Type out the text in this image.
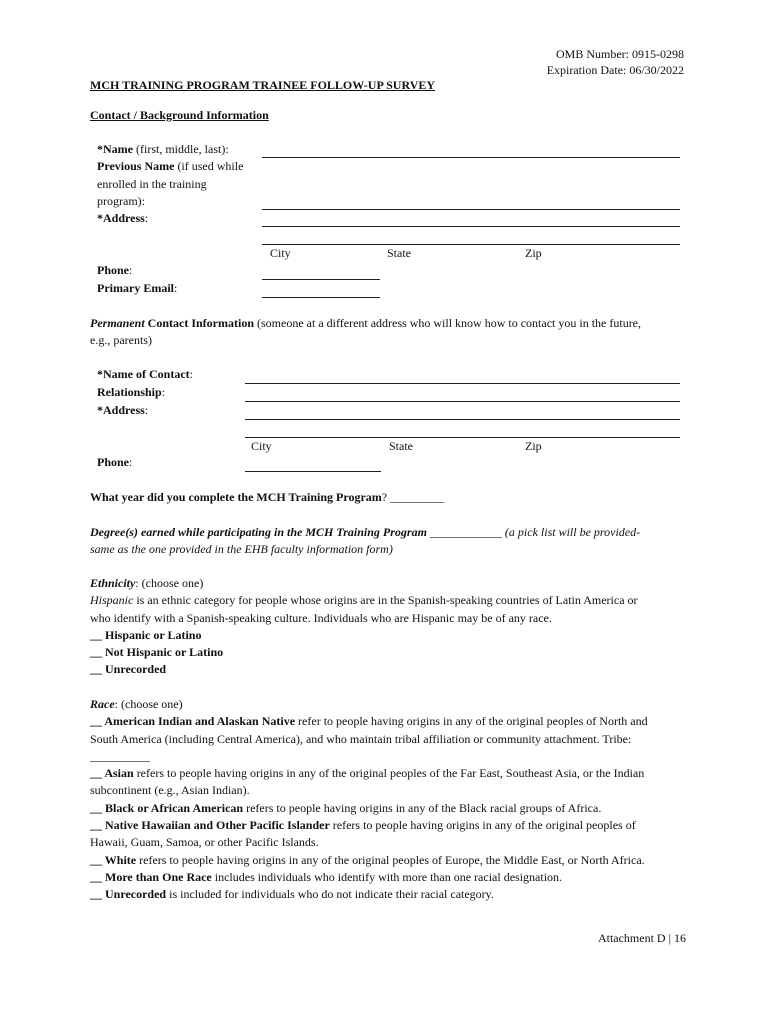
OMB Number: 0915-0298
Expiration Date: 06/30/2022
MCH TRAINING PROGRAM TRAINEE FOLLOW-UP SURVEY
Contact / Background Information
*Name (first, middle, last):
Previous Name (if used while
enrolled in the training
program):
*Address:
City	State	Zip
Phone:
Primary Email:
Permanent Contact Information (someone at a different address who will know how to contact you in the future,
e.g., parents)
*Name of Contact:
Relationship:
*Address:
City	State	Zip
Phone:
What year did you complete the MCH Training Program? _________
Degree(s) earned while participating in the MCH Training Program ____________ (a pick list will be provided-
same as the one provided in the EHB faculty information form)
Ethnicity: (choose one)
Hispanic is an ethnic category for people whose origins are in the Spanish-speaking countries of Latin America or
who identify with a Spanish-speaking culture. Individuals who are Hispanic may be of any race.
__ Hispanic or Latino
__ Not Hispanic or Latino
__ Unrecorded
Race: (choose one)
__ American Indian and Alaskan Native refer to people having origins in any of the original peoples of North and
South America (including Central America), and who maintain tribal affiliation or community attachment. Tribe:
__________
__ Asian refers to people having origins in any of the original peoples of the Far East, Southeast Asia, or the Indian
subcontinent (e.g., Asian Indian).
__ Black or African American refers to people having origins in any of the Black racial groups of Africa.
__ Native Hawaiian and Other Pacific Islander refers to people having origins in any of the original peoples of
Hawaii, Guam, Samoa, or other Pacific Islands.
__ White refers to people having origins in any of the original peoples of Europe, the Middle East, or North Africa.
__ More than One Race includes individuals who identify with more than one racial designation.
__ Unrecorded is included for individuals who do not indicate their racial category.
Attachment D | 16
